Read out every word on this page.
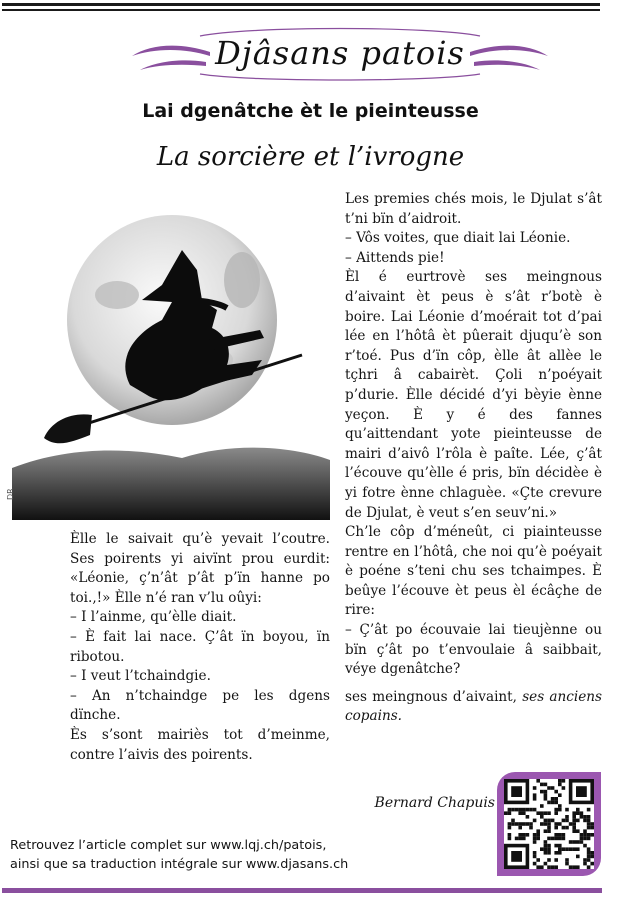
Djâsans patois
Lai dgenâtche èt le pieinteusse
La sorcière et l’ivrogne
DR

Les premies chés mois, le Djulat s’ât t’ni bïn d’aidroit.

– Vôs voites, que diait lai Léonie.

– Aittends pie!

Èl é eurtrovè ses meingnous d’aivaint èt peus è s’ât r’botè è boire. Lai Léonie d’moérait tot d’pai lée en l’hôtâ èt pûerait djuqu’è son r’toé. Pus d’ïn côp, èlle ât allèe le tçhri â cabairèt. Çoli n’poéyait p’durie. Èlle décidé d’yi bèyie ènne yeçon. È y é des fannes qu’aittendant yote pieinteusse de mairi d’aivô l’rôla è paîte. Lée, ç’ât l’écouve qu’èlle é pris, bïn décidèe è yi fotre ènne chlaguèe. «Çte crevure de Djulat, è veut s’en seuv’ni.»

Ch’le côp d’méneût, ci piainteusse rentre en l’hôtâ, che noi qu’è poéyait è poéne s’teni chu ses tchaimpes. È beûye l’écouve èt peus èl écâçhe de rire:

– Ç’ât po écouvaie lai tieujènne ou bïn ç’ât po t’envoulaie â saibbait, véye dgenâtche?

ses meingnous d’aivaint, ses anciens copains.

Èlle le saivait qu’è yevait l’coutre. Ses poirents yi aivïnt prou eurdit: «Léonie, ç’n’ât p’ât p’ïn hanne po toi.,!» Èlle n’é ran v’lu oûyi:

– I l’ainme, qu’èlle diait.

– È fait lai nace. Ç’ât ïn boyou, ïn ribotou.

– I veut l’tchaindgie.

– An n’tchaindge pe les dgens dïnche.

Ès s’sont mairiès tot d’meinme, contre l’aivis des poirents.

Bernard Chapuis

Retrouvez l’article complet sur www.lqj.ch/patois,

ainsi que sa traduction intégrale sur www.djasans.ch
